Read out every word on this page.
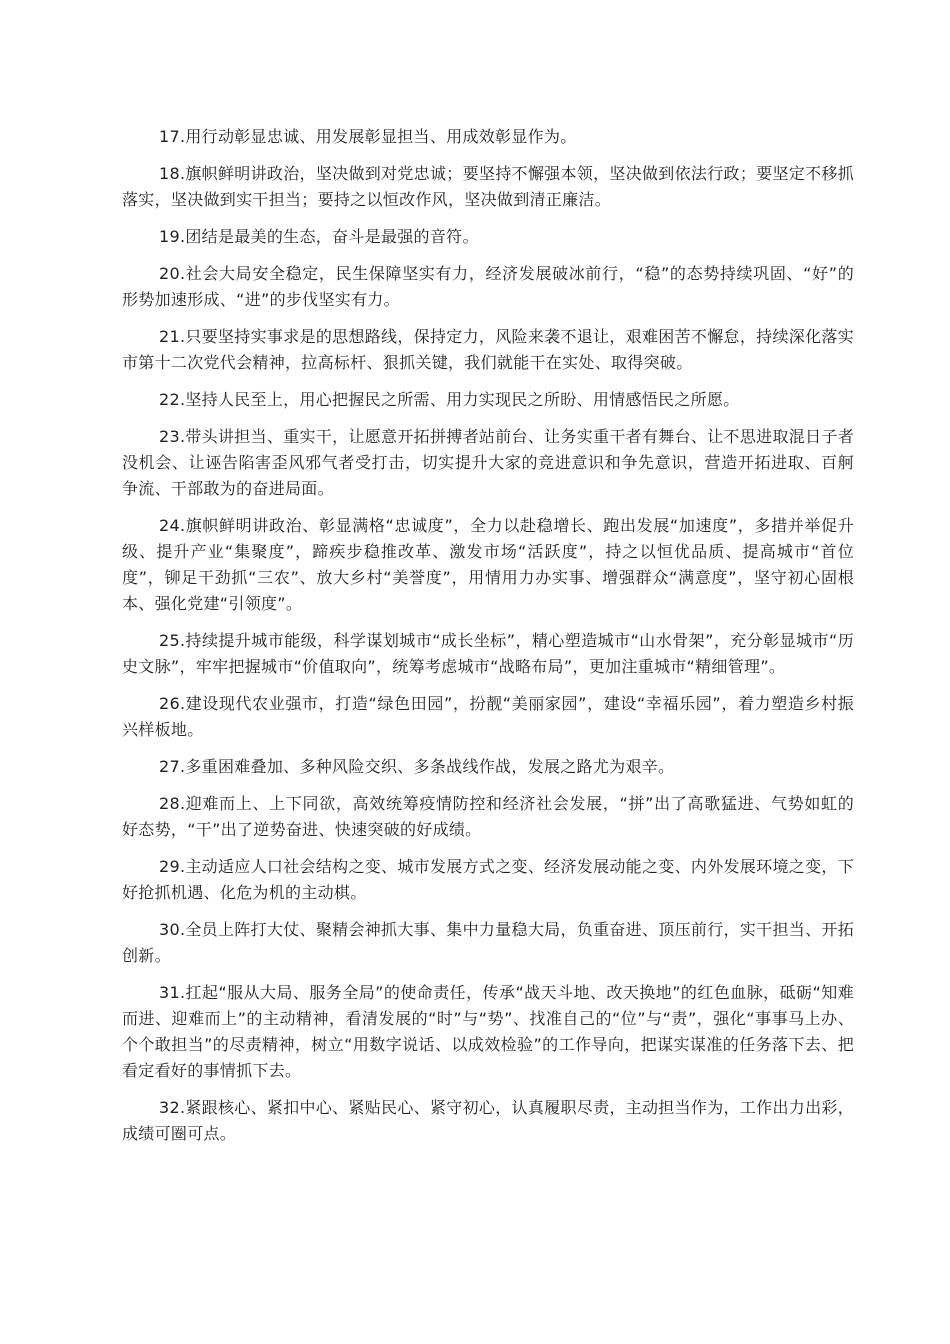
17.用行动彰显忠诚、用发展彰显担当、用成效彰显作为。

18.旗帜鲜明讲政治，坚决做到对党忠诚；要坚持不懈强本领，坚决做到依法行政；要坚定不移抓落实，坚决做到实干担当；要持之以恒改作风，坚决做到清正廉洁。

19.团结是最美的生态，奋斗是最强的音符。

20.社会大局安全稳定，民生保障坚实有力，经济发展破冰前行，“稳”的态势持续巩固、“好”的形势加速形成、“进”的步伐坚实有力。

21.只要坚持实事求是的思想路线，保持定力，风险来袭不退让，艰难困苦不懈怠，持续深化落实市第十二次党代会精神，拉高标杆、狠抓关键，我们就能干在实处、取得突破。

22.坚持人民至上，用心把握民之所需、用力实现民之所盼、用情感悟民之所愿。

23.带头讲担当、重实干，让愿意开拓拼搏者站前台、让务实重干者有舞台、让不思进取混日子者没机会、让诬告陷害歪风邪气者受打击，切实提升大家的竞进意识和争先意识，营造开拓进取、百舸争流、干部敢为的奋进局面。

24.旗帜鲜明讲政治、彰显满格“忠诚度”，全力以赴稳增长、跑出发展“加速度”，多措并举促升级、提升产业“集聚度”，蹄疾步稳推改革、激发市场“活跃度”，持之以恒优品质、提高城市“首位度”，铆足干劲抓“三农”、放大乡村“美誉度”，用情用力办实事、增强群众“满意度”，坚守初心固根本、强化党建“引领度”。

25.持续提升城市能级，科学谋划城市“成长坐标”，精心塑造城市“山水骨架”，充分彰显城市“历史文脉”，牢牢把握城市“价值取向”，统筹考虑城市“战略布局”，更加注重城市“精细管理”。

26.建设现代农业强市，打造“绿色田园”，扮靓“美丽家园”，建设“幸福乐园”，着力塑造乡村振兴样板地。

27.多重困难叠加、多种风险交织、多条战线作战，发展之路尤为艰辛。

28.迎难而上、上下同欲，高效统筹疫情防控和经济社会发展，“拼”出了高歌猛进、气势如虹的好态势，“干”出了逆势奋进、快速突破的好成绩。

29.主动适应人口社会结构之变、城市发展方式之变、经济发展动能之变、内外发展环境之变，下好抢抓机遇、化危为机的主动棋。

30.全员上阵打大仗、聚精会神抓大事、集中力量稳大局，负重奋进、顶压前行，实干担当、开拓创新。

31.扛起“服从大局、服务全局”的使命责任，传承“战天斗地、改天换地”的红色血脉，砥砺“知难而进、迎难而上”的主动精神，看清发展的“时”与“势”、找准自己的“位”与“责”，强化“事事马上办、个个敢担当”的尽责精神，树立“用数字说话、以成效检验”的工作导向，把谋实谋准的任务落下去、把看定看好的事情抓下去。

32.紧跟核心、紧扣中心、紧贴民心、紧守初心，认真履职尽责，主动担当作为，工作出力出彩，成绩可圈可点。
